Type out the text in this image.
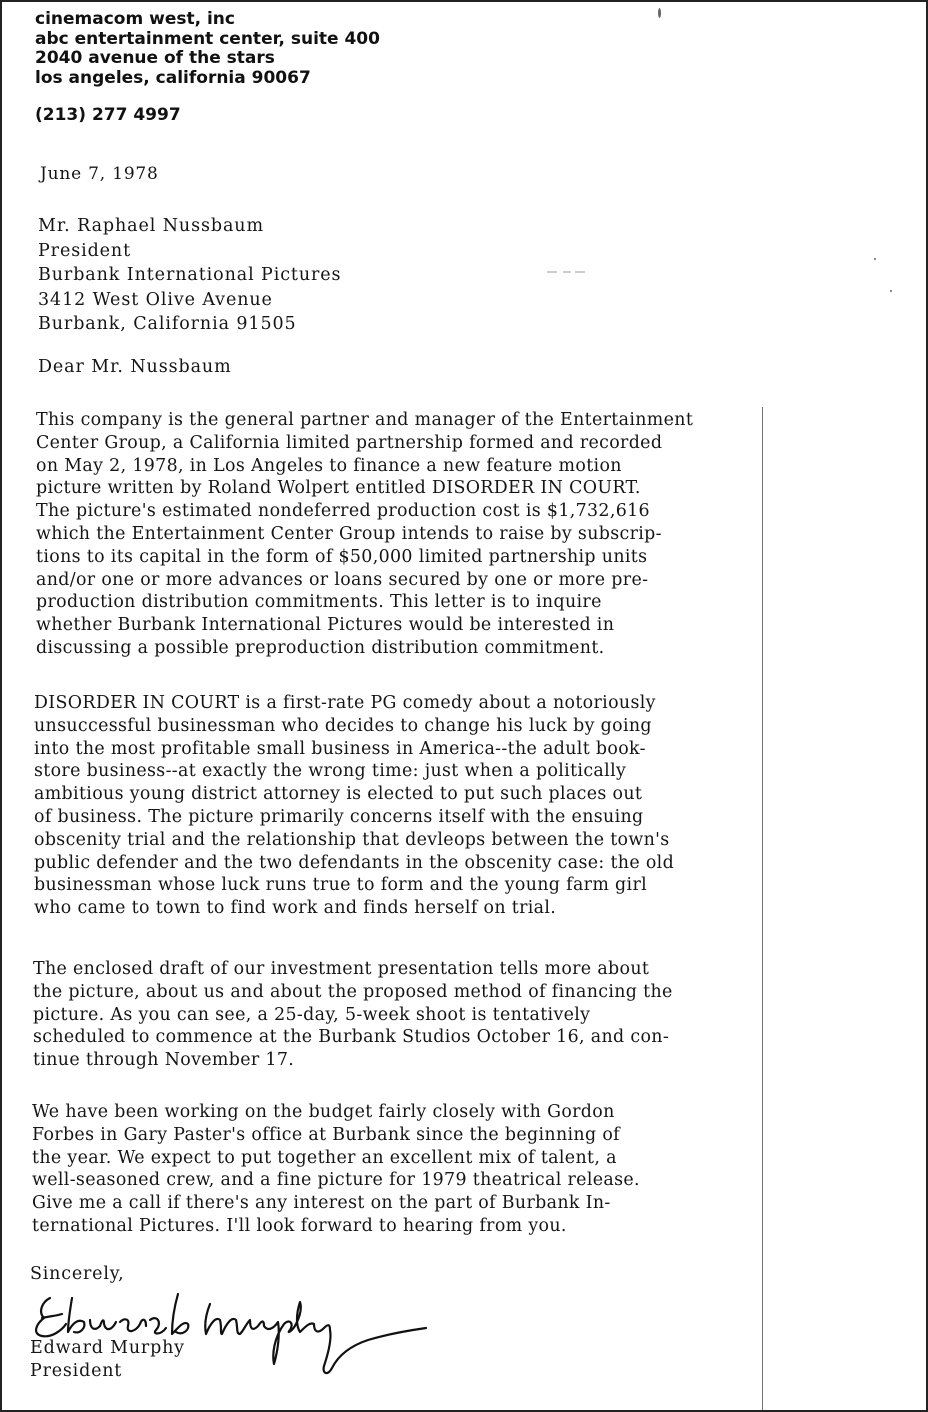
cinemacom west, inc
abc entertainment center, suite 400
2040 avenue of the stars
los angeles, california 90067
(213) 277 4997
June 7, 1978
Mr. Raphael Nussbaum
President
Burbank International Pictures
3412 West Olive Avenue
Burbank, California 91505
Dear Mr. Nussbaum
This company is the general partner and manager of the Entertainment
Center Group, a California limited partnership formed and recorded
on May 2, 1978, in Los Angeles to finance a new feature motion
picture written by Roland Wolpert entitled DISORDER IN COURT.
The picture's estimated nondeferred production cost is $1,732,616
which the Entertainment Center Group intends to raise by subscrip-
tions to its capital in the form of $50,000 limited partnership units
and/or one or more advances or loans secured by one or more pre-
production distribution commitments. This letter is to inquire
whether Burbank International Pictures would be interested in
discussing a possible preproduction distribution commitment.
DISORDER IN COURT is a first-rate PG comedy about a notoriously
unsuccessful businessman who decides to change his luck by going
into the most profitable small business in America--the adult book-
store business--at exactly the wrong time: just when a politically
ambitious young district attorney is elected to put such places out
of business. The picture primarily concerns itself with the ensuing
obscenity trial and the relationship that devleops between the town's
public defender and the two defendants in the obscenity case: the old
businessman whose luck runs true to form and the young farm girl
who came to town to find work and finds herself on trial.
The enclosed draft of our investment presentation tells more about
the picture, about us and about the proposed method of financing the
picture. As you can see, a 25-day, 5-week shoot is tentatively
scheduled to commence at the Burbank Studios October 16, and con-
tinue through November 17.
We have been working on the budget fairly closely with Gordon
Forbes in Gary Paster's office at Burbank since the beginning of
the year. We expect to put together an excellent mix of talent, a
well-seasoned crew, and a fine picture for 1979 theatrical release.
Give me a call if there's any interest on the part of Burbank In-
ternational Pictures. I'll look forward to hearing from you.
Sincerely,
Edward Murphy
President
